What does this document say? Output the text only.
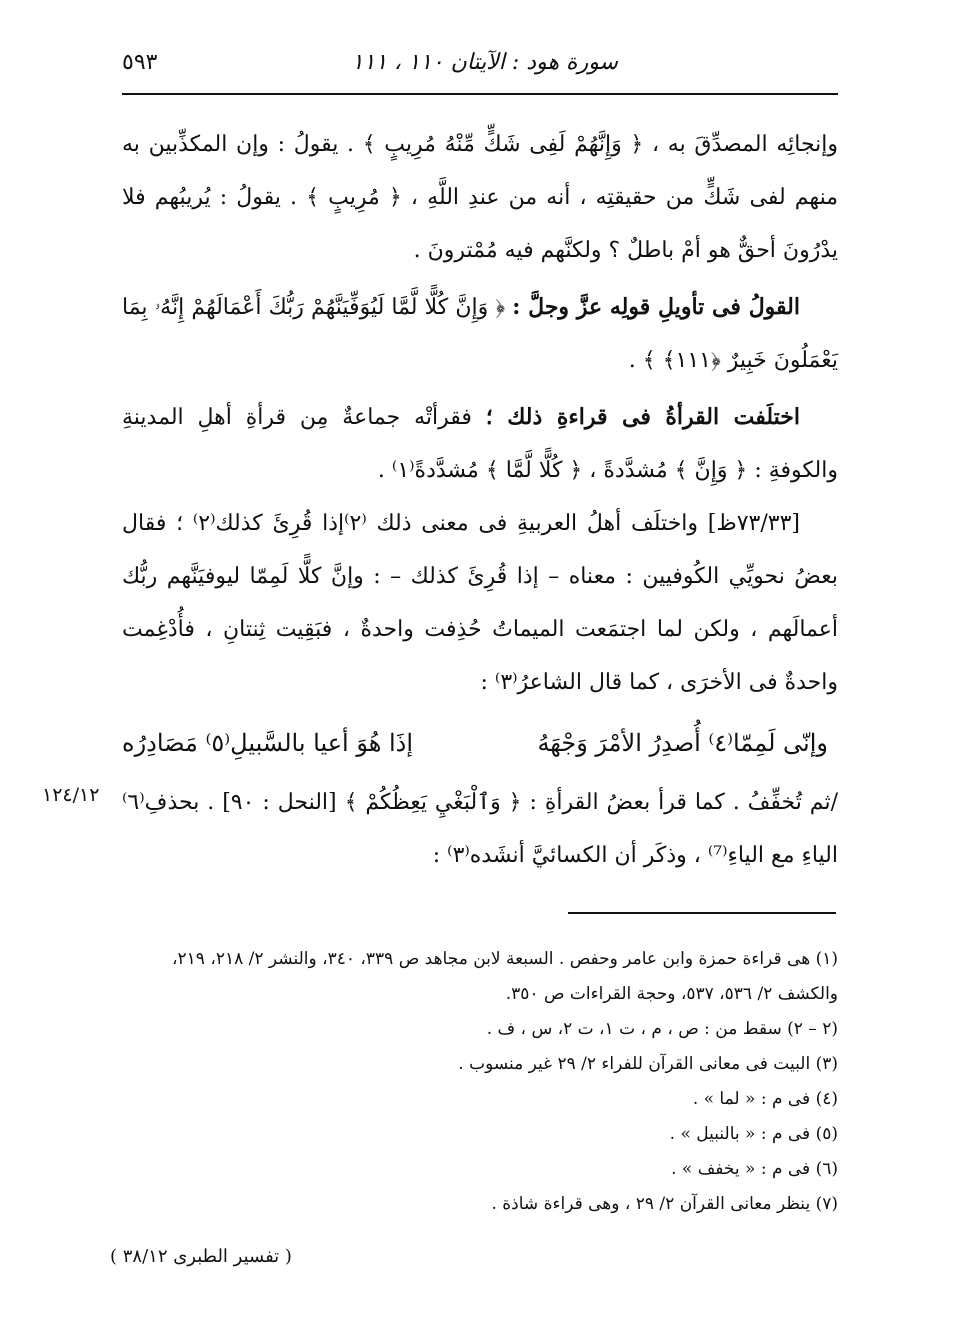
سورة هود : الآيتان ١١٠ ، ١١١
٥٩٣

وإنجائِه المصدِّقَ به ، ﴿ وَإِنَّهُمْ لَفِى شَكٍّ مِّنْهُ مُرِيبٍ ﴾ . يقولُ : وإن المكذِّبين به منهم لفى شَكٍّ من حقيقتِه ، أنه من عندِ اللَّهِ ، ﴿ مُرِيبٍ ﴾ . يقولُ : يُريبُهم فلا يدْرُونَ أحقٌّ هو أمْ باطلٌ ؟ ولكنَّهم فيه مُمْترونَ .

القولُ فى تأويلِ قولِه عزَّ وجلَّ : ﴿ وَإِنَّ كُلًّا لَّمَّا لَيُوَفِّيَنَّهُمْ رَبُّكَ أَعْمَالَهُمْ إِنَّهُۥ بِمَا يَعْمَلُونَ خَبِيرٌ ﴿١١١﴾ ﴾ .

اختلَفت القرأةُ فى قراءةِ ذلك ؛ فقرأتْه جماعةٌ مِن قرأةِ أهلِ المدينةِ والكوفةِ : ﴿ وَإِنَّ ﴾ مُشدَّدةً ، ﴿ كُلًّا لَّمَّا ﴾ مُشدَّدةً⁽١⁾ .

[٧٣/٣٣ظ] واختلَف أهلُ العربيةِ فى معنى ذلك ⁽٢⁾إذا قُرِئَ كذلك⁽٢⁾ ؛ فقال بعضُ نحويِّي الكُوفيين : معناه – إذا قُرِئَ كذلك – : وإنَّ كلًّا لَمِمّا ليوفيَنَّهم ربُّك أعمالَهم ، ولكن لما اجتمَعت الميماتُ حُذِفت واحدةٌ ، فبَقِيت ثِنتانِ ، فأُدْغِمت واحدةٌ فى الأخرَى ، كما قال الشاعرُ⁽٣⁾ :

وإنّى لَمِمّا⁽٤⁾ أُصدِرُ الأمْرَ وَجْهَهُ
إذَا هُوَ أعيا بالسَّبيلِ⁽٥⁾ مَصَادِرُه

/ثم تُخفِّفُ . كما قرأ بعضُ القرأةِ : ﴿ وَٱلْبَغْيِ يَعِظُكُمْ ﴾ [النحل : ٩٠] . بحذفِ⁽٦⁾ الياءِ مع الياءِ⁽⁷⁾ ، وذكَر أن الكسائيَّ أنشَده⁽٣⁾ :

١٢٤/١٢

(١) هى قراءة حمزة وابن عامر وحفص . السبعة لابن مجاهد ص ٣٣٩، ٣٤٠، والنشر ٢/ ٢١٨، ٢١٩، والكشف ٢/ ٥٣٦، ٥٣٧، وحجة القراءات ص ٣٥٠.

(٢ – ٢) سقط من : ص ، م ، ت ١، ت ٢، س ، ف .

(٣) البيت فى معانى القرآن للفراء ٢/ ٢٩ غير منسوب .

(٤) فى م : « لما » .

(٥) فى م : « بالنبيل » .

(٦) فى م : « يخفف » .

(٧) ينظر معانى القرآن ٢/ ٢٩ ، وهى قراءة شاذة .

( تفسير الطبرى ٣٨/١٢ )
